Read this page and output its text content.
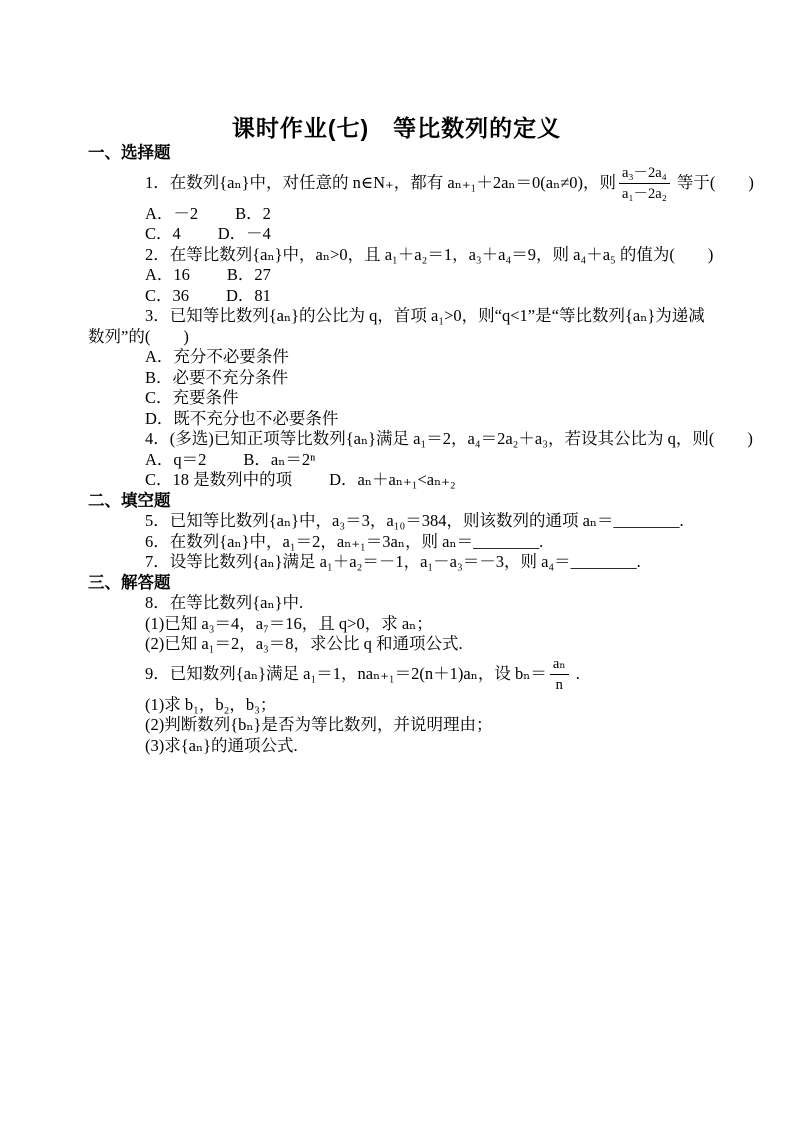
课时作业(七)　等比数列的定义

一、选择题

1．在数列{aₙ}中，对任意的 n∈N₊，都有 aₙ₊₁＋2aₙ＝0(aₙ≠0)，则 $\frac{\text{a₃－2a₄}}{\text{a₁－2a₂}}$ 等于(　　)

A．－2 B．2

C．4 D．－4

2．在等比数列{aₙ}中，aₙ>0，且 a₁＋a₂＝1，a₃＋a₄＝9，则 a₄＋a₅ 的值为(　　)

A．16 B．27

C．36 D．81

3．已知等比数列{aₙ}的公比为 q，首项 a₁>0，则“q<1”是“等比数列{aₙ}为递减数列”的(　　)

A．充分不必要条件

B．必要不充分条件

C．充要条件

D．既不充分也不必要条件

4．(多选)已知正项等比数列{aₙ}满足 a₁＝2，a₄＝2a₂＋a₃，若设其公比为 q，则(　　)

A．q＝2 B．aₙ＝2ⁿ

C．18 是数列中的项 D．aₙ＋aₙ₊₁<aₙ₊₂

二、填空题

5．已知等比数列{aₙ}中，a₃＝3，a₁₀＝384，则该数列的通项 aₙ＝________.

6．在数列{aₙ}中，a₁＝2，aₙ₊₁＝3aₙ，则 aₙ＝________.

7．设等比数列{aₙ}满足 a₁＋a₂＝－1，a₁－a₃＝－3，则 a₄＝________.

三、解答题

8．在等比数列{aₙ}中.

(1)已知 a₃＝4，a₇＝16，且 q>0，求 aₙ；

(2)已知 a₁＝2，a₃＝8，求公比 q 和通项公式.

9．已知数列{aₙ}满足 a₁＝1，naₙ₊₁＝2(n＋1)aₙ，设 $b_n= \frac{\text{aₙ}}{n}$ .

(1)求 b₁，b₂，b₃；

(2)判断数列{bₙ}是否为等比数列，并说明理由；

(3)求{aₙ}的通项公式.
